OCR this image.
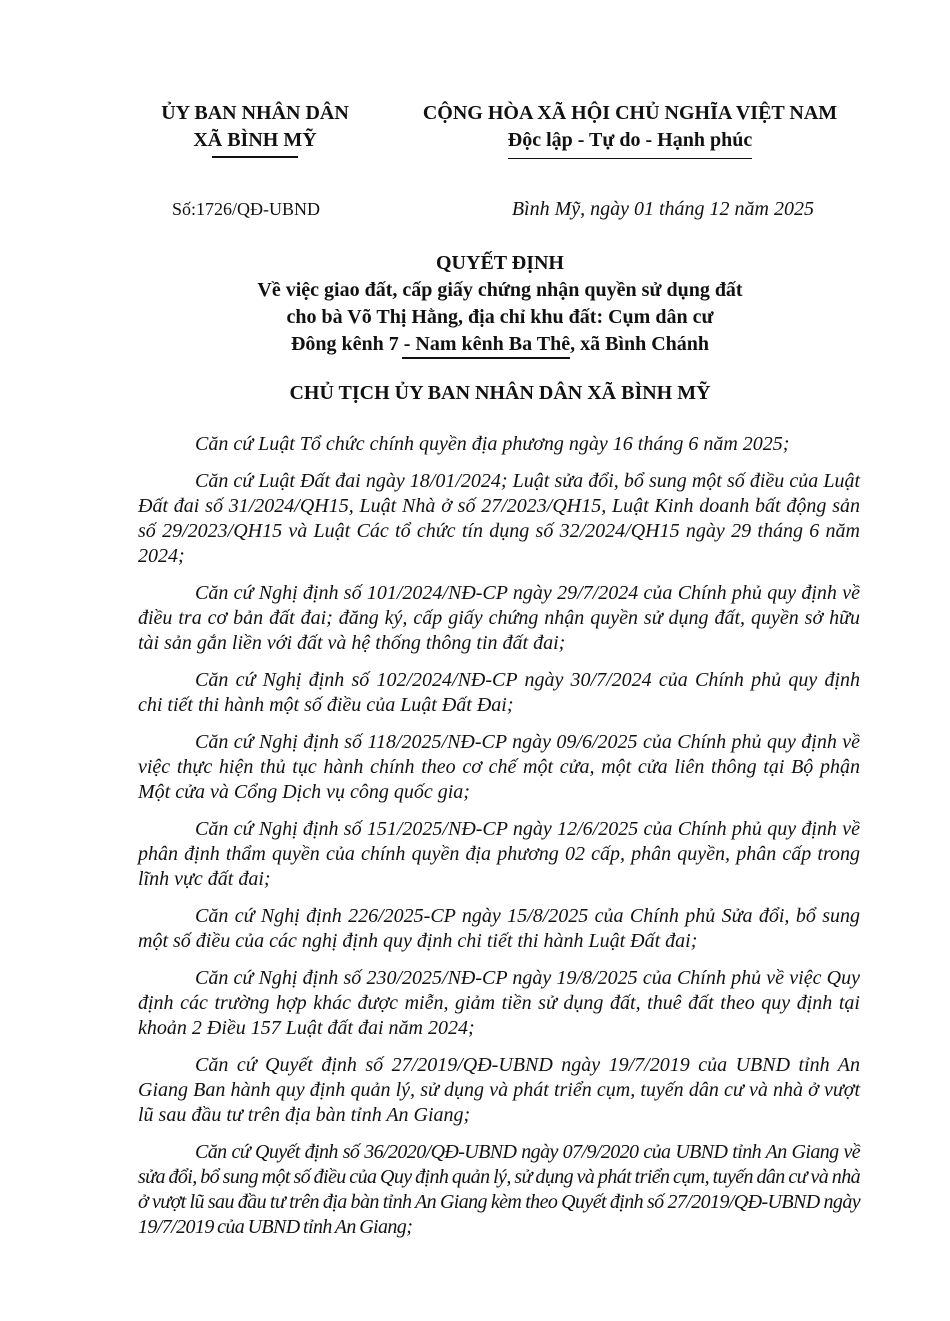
ỦY BAN NHÂN DÂN
XÃ BÌNH MỸ
CỘNG HÒA XÃ HỘI CHỦ NGHĨA VIỆT NAM
Độc lập - Tự do - Hạnh phúc
Số:1726/QĐ-UBND	Bình Mỹ, ngày 01 tháng 12 năm 2025
QUYẾT ĐỊNH
Về việc giao đất, cấp giấy chứng nhận quyền sử dụng đất
cho bà Võ Thị Hằng, địa chỉ khu đất: Cụm dân cư
Đông kênh 7 - Nam kênh Ba Thê, xã Bình Chánh
CHỦ TỊCH ỦY BAN NHÂN DÂN XÃ BÌNH MỸ

Căn cứ Luật Tổ chức chính quyền địa phương ngày 16 tháng 6 năm 2025;

Căn cứ Luật Đất đai ngày 18/01/2024; Luật sửa đổi, bổ sung một số điều của Luật Đất đai số 31/2024/QH15, Luật Nhà ở số 27/2023/QH15, Luật Kinh doanh bất động sản số 29/2023/QH15 và Luật Các tổ chức tín dụng số 32/2024/QH15 ngày 29 tháng 6 năm 2024;

Căn cứ Nghị định số 101/2024/NĐ-CP ngày 29/7/2024 của Chính phủ quy định về điều tra cơ bản đất đai; đăng ký, cấp giấy chứng nhận quyền sử dụng đất, quyền sở hữu tài sản gắn liền với đất và hệ thống thông tin đất đai;

Căn cứ Nghị định số 102/2024/NĐ-CP ngày 30/7/2024 của Chính phủ quy định chi tiết thi hành một số điều của Luật Đất Đai;

Căn cứ Nghị định số 118/2025/NĐ-CP ngày 09/6/2025 của Chính phủ quy định về việc thực hiện thủ tục hành chính theo cơ chế một cửa, một cửa liên thông tại Bộ phận Một cửa và Cổng Dịch vụ công quốc gia;

Căn cứ Nghị định số 151/2025/NĐ-CP ngày 12/6/2025 của Chính phủ quy định về phân định thẩm quyền của chính quyền địa phương 02 cấp, phân quyền, phân cấp trong lĩnh vực đất đai;

Căn cứ Nghị định 226/2025-CP ngày 15/8/2025 của Chính phủ Sửa đổi, bổ sung một số điều của các nghị định quy định chi tiết thi hành Luật Đất đai;

Căn cứ Nghị định số 230/2025/NĐ-CP ngày 19/8/2025 của Chính phủ về việc Quy định các trường hợp khác được miễn, giảm tiền sử dụng đất, thuê đất theo quy định tại khoản 2 Điều 157 Luật đất đai năm 2024;

Căn cứ Quyết định số 27/2019/QĐ-UBND ngày 19/7/2019 của UBND tỉnh An Giang Ban hành quy định quản lý, sử dụng và phát triển cụm, tuyến dân cư và nhà ở vượt lũ sau đầu tư trên địa bàn tỉnh An Giang;

Căn cứ Quyết định số 36/2020/QĐ-UBND ngày 07/9/2020 của UBND tỉnh An Giang về sửa đổi, bổ sung một số điều của Quy định quản lý, sử dụng và phát triển cụm, tuyến dân cư và nhà ở vượt lũ sau đầu tư trên địa bàn tỉnh An Giang kèm theo Quyết định số 27/2019/QĐ-UBND ngày 19/7/2019 của UBND tỉnh An Giang;
